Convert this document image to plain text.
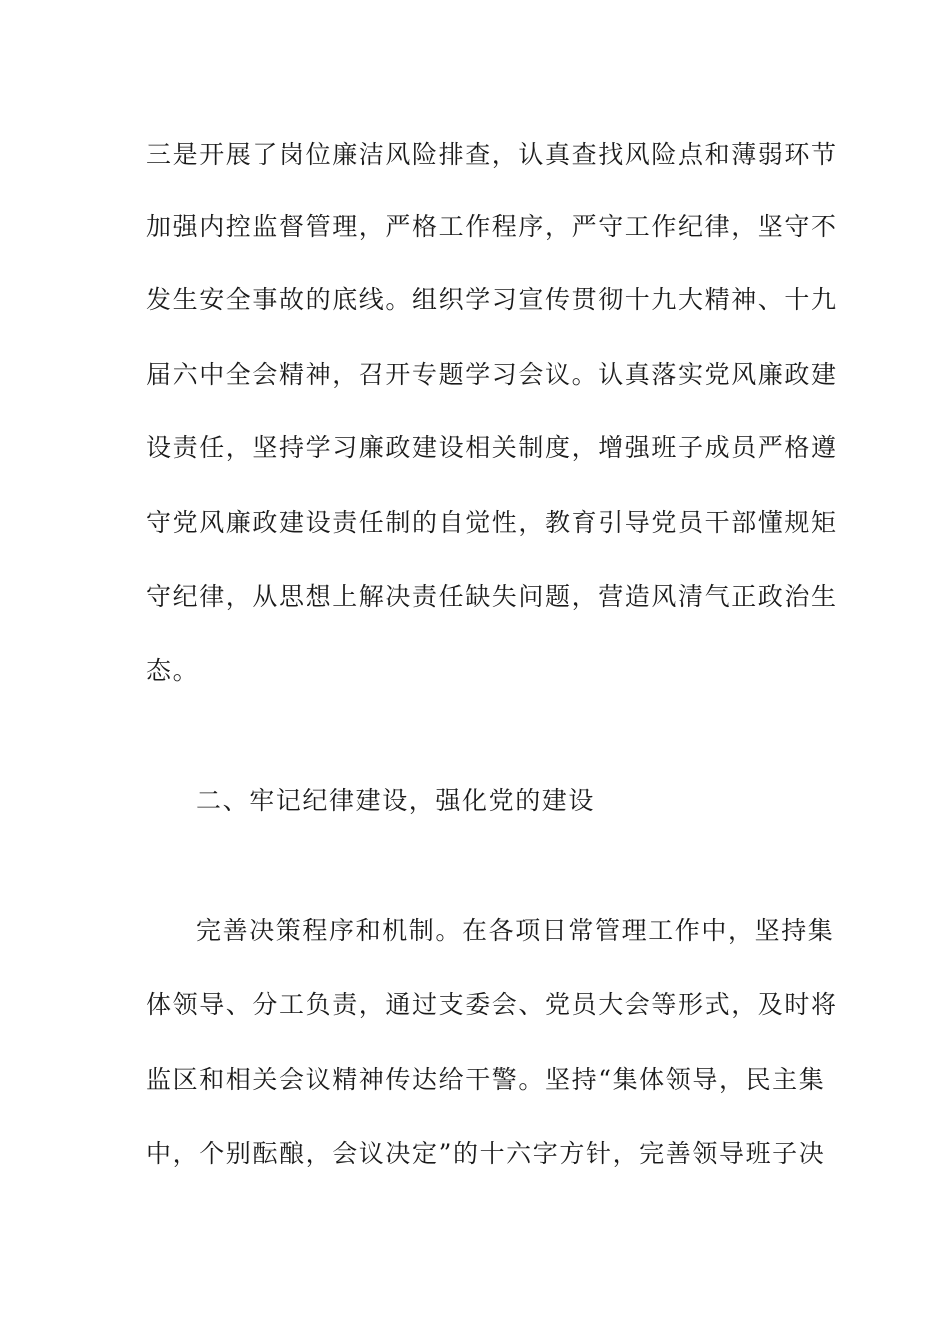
三是开展了岗位廉洁风险排查，认真查找风险点和薄弱环节
加强内控监督管理，严格工作程序，严守工作纪律，坚守不
发生安全事故的底线。组织学习宣传贯彻十九大精神、十九
届六中全会精神，召开专题学习会议。认真落实党风廉政建
设责任，坚持学习廉政建设相关制度，增强班子成员严格遵
守党风廉政建设责任制的自觉性，教育引导党员干部懂规矩
守纪律，从思想上解决责任缺失问题，营造风清气正政治生
态。
二、牢记纪律建设，强化党的建设
完善决策程序和机制。在各项日常管理工作中，坚持集
体领导、分工负责，通过支委会、党员大会等形式，及时将
监区和相关会议精神传达给干警。坚持“集体领导，民主集
中，个别酝酿，会议决定”的十六字方针，完善领导班子决
